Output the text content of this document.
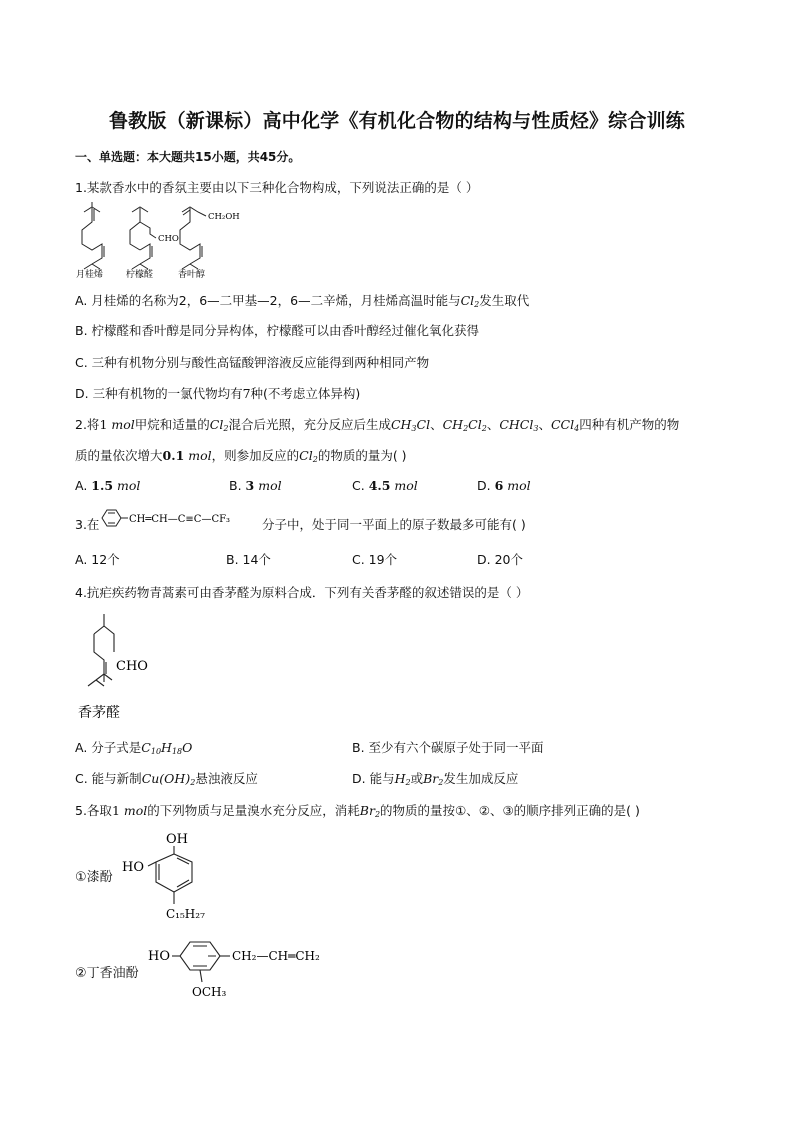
鲁教版（新课标）高中化学《有机化合物的结构与性质烃》综合训练
一、单选题：本大题共15小题，共45分。
1.某款香水中的香氛主要由以下三种化合物构成，下列说法正确的是（ ）
CHO
CH₂OH
月桂烯	柠檬醛	香叶醇
A. 月桂烯的名称为2，6—二甲基—2，6—二辛烯，月桂烯高温时能与$Cl_2$发生取代
B. 柠檬醛和香叶醇是同分异构体，柠檬醛可以由香叶醇经过催化氧化获得
C. 三种有机物分别与酸性高锰酸钾溶液反应能得到两种相同产物
D. 三种有机物的一氯代物均有7种(不考虑立体异构)
2.将1 mol甲烷和适量的$Cl_2$混合后光照，充分反应后生成$CH_3Cl$、$CH_2Cl_2$、CHCl$_3$、CCl$_4$四种有机产物的物
质的量依次增大0.1 mol，则参加反应的$Cl_2$的物质的量为( )
A. 1.5 mol	B. 3 mol	C. 4.5 mol	D. 6 mol
3.在	CH═CH—C≡C—CF₃	分子中，处于同一平面上的原子数最多可能有( )
A. 12个	B. 14个	C. 19个	D. 20个
4.抗疟疾药物青蒿素可由香茅醛为原料合成．下列有关香茅醛的叙述错误的是（ ）
CHO
香茅醛
A. 分子式是$C_{10}H_{18}O$	B. 至少有六个碳原子处于同一平面
C. 能与新制$Cu(OH)_2$悬浊液反应	D. 能与$H_2$或$Br_2$发生加成反应
5.各取1 mol的下列物质与足量溴水充分反应，消耗$Br_2$的物质的量按①、②、③的顺序排列正确的是( )
①漆酚
OH
HO
C₁₅H₂₇
②丁香油酚
HO	CH₂—CH═CH₂
OCH₃
